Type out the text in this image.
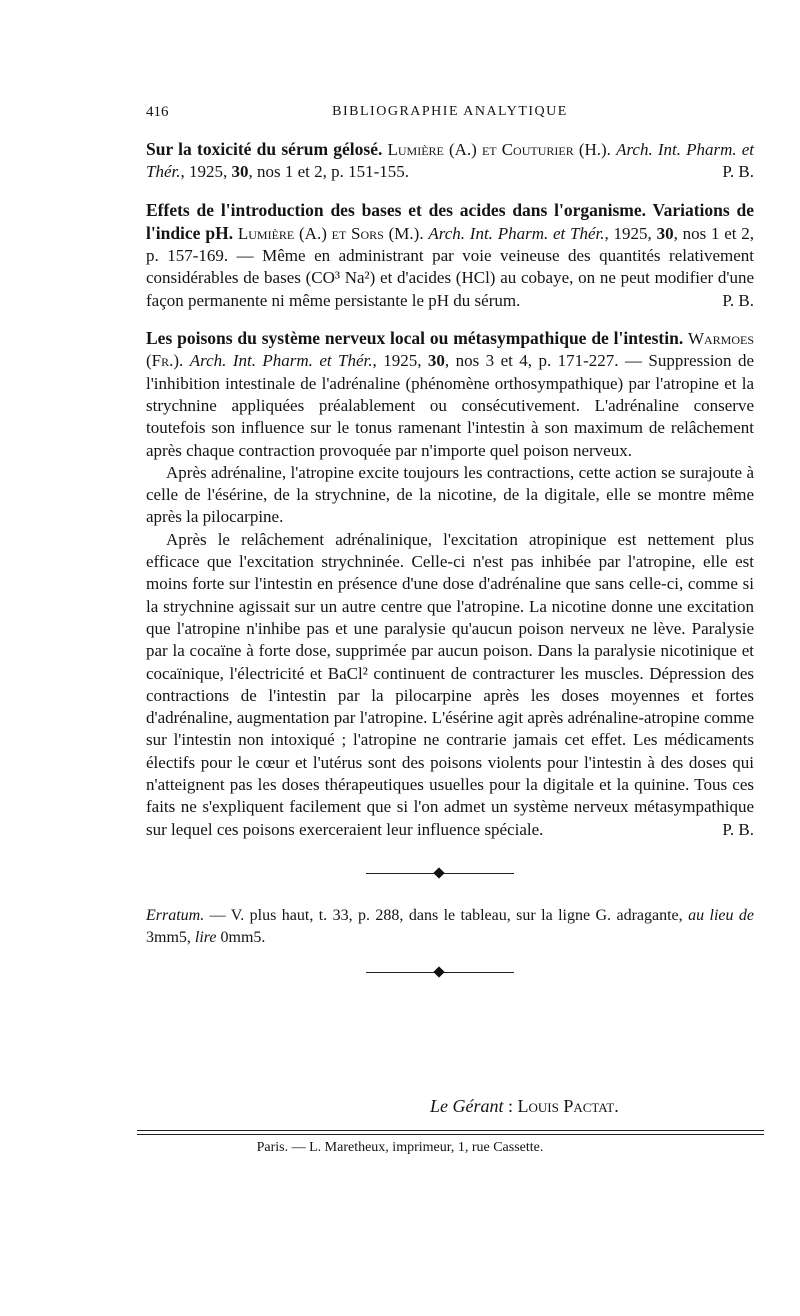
416	BIBLIOGRAPHIE ANALYTIQUE

Sur la toxicité du sérum gélosé. Lumière (A.) et Couturier (H.). Arch. Int. Pharm. et Thér., 1925, 30, nos 1 et 2, p. 151-155.	P. B.

Effets de l'introduction des bases et des acides dans l'organisme. Variations de l'indice pH. Lumière (A.) et Sors (M.). Arch. Int. Pharm. et Thér., 1925, 30, nos 1 et 2, p. 157-169. — Même en administrant par voie veineuse des quantités relativement considérables de bases (CO³ Na²) et d'acides (HCl) au cobaye, on ne peut modifier d'une façon permanente ni même persistante le pH du sérum.	P. B.

Les poisons du système nerveux local ou métasympathique de l'intestin. Warmoes (Fr.). Arch. Int. Pharm. et Thér., 1925, 30, nos 3 et 4, p. 171-227. — Suppression de l'inhibition intestinale de l'adrénaline (phénomène orthosympathique) par l'atropine et la strychnine appliquées préalablement ou consécutivement. L'adrénaline conserve toutefois son influence sur le tonus ramenant l'intestin à son maximum de relâchement après chaque contraction provoquée par n'importe quel poison nerveux.

Après adrénaline, l'atropine excite toujours les contractions, cette action se surajoute à celle de l'ésérine, de la strychnine, de la nicotine, de la digitale, elle se montre même après la pilocarpine.

Après le relâchement adrénalinique, l'excitation atropinique est nettement plus efficace que l'excitation strychninée. Celle-ci n'est pas inhibée par l'atropine, elle est moins forte sur l'intestin en présence d'une dose d'adrénaline que sans celle-ci, comme si la strychnine agissait sur un autre centre que l'atropine. La nicotine donne une excitation que l'atropine n'inhibe pas et une paralysie qu'aucun poison nerveux ne lève. Paralysie par la cocaïne à forte dose, supprimée par aucun poison. Dans la paralysie nicotinique et cocaïnique, l'électricité et BaCl² continuent de contracturer les muscles. Dépression des contractions de l'intestin par la pilocarpine après les doses moyennes et fortes d'adrénaline, augmentation par l'atropine. L'ésérine agit après adrénaline-atropine comme sur l'intestin non intoxiqué ; l'atropine ne contrarie jamais cet effet. Les médicaments électifs pour le cœur et l'utérus sont des poisons violents pour l'intestin à des doses qui n'atteignent pas les doses thérapeutiques usuelles pour la digitale et la quinine. Tous ces faits ne s'expliquent facilement que si l'on admet un système nerveux métasympathique sur lequel ces poisons exerceraient leur influence spéciale.	P. B.

Erratum. — V. plus haut, t. 33, p. 288, dans le tableau, sur la ligne G. adragante, au lieu de 3mm5, lire 0mm5.

Le Gérant : Louis Pactat.
Paris. — L. Maretheux, imprimeur, 1, rue Cassette.
